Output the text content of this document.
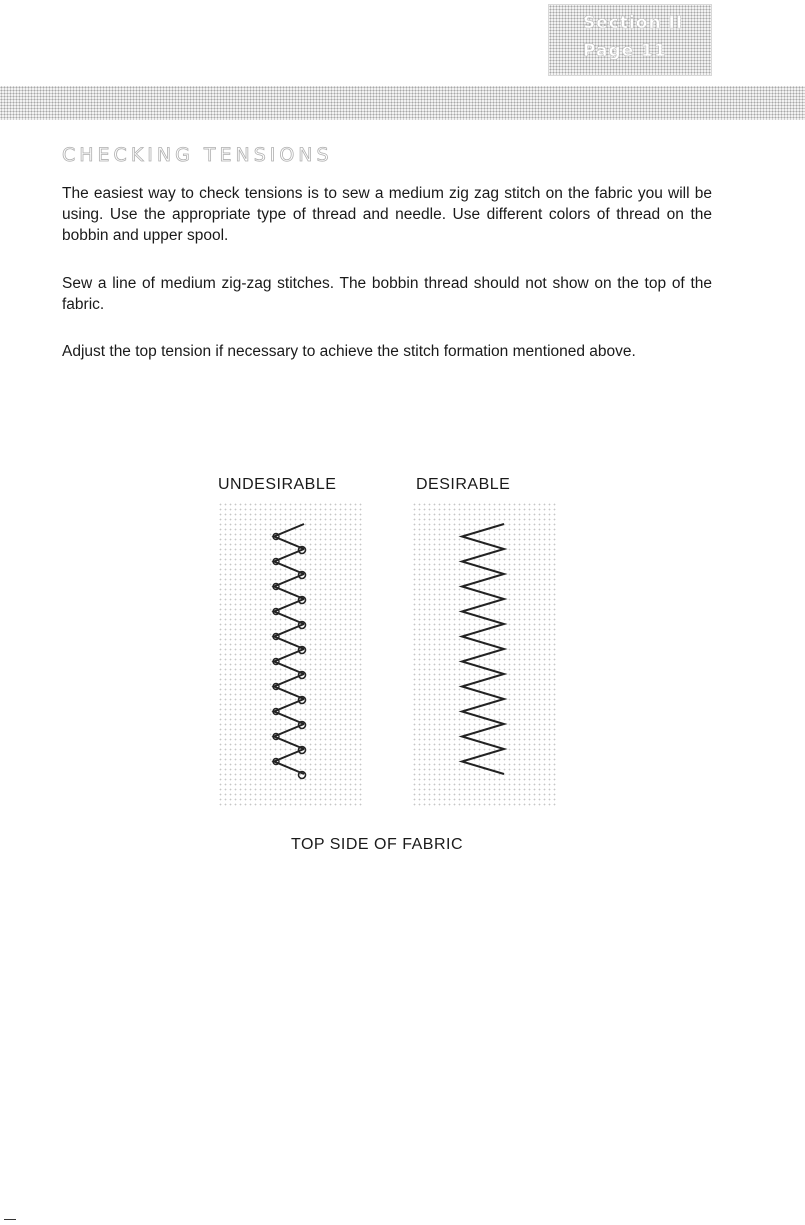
Section II
Page 11
CHECKING TENSIONS

The easiest way to check tensions is to sew a medium zig zag stitch on the fabric you will be using. Use the appropriate type of thread and needle. Use different colors of thread on the bobbin and upper spool.

Sew a line of medium zig-zag stitches. The bobbin thread should not show on the top of the fabric.

Adjust the top tension if necessary to achieve the stitch formation mentioned above.

UNDESIRABLE	DESIRABLE
TOP SIDE OF FABRIC
